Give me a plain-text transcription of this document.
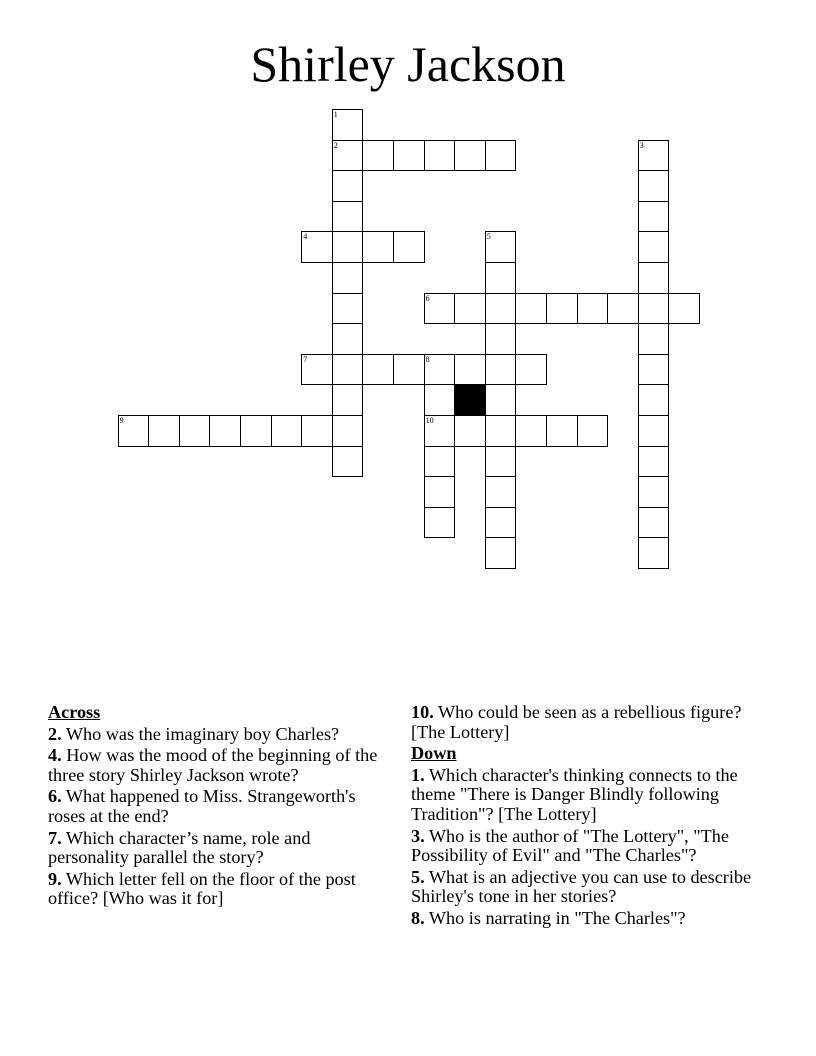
Shirley Jackson
1
2	3
4	5
6
7	8
9	10
Across
2. Who was the imaginary boy Charles?
4. How was the mood of the beginning of the three story Shirley Jackson wrote?
6. What happened to Miss. Strangeworth's roses at the end?
7. Which character’s name, role and personality parallel the story?
9. Which letter fell on the floor of the post office? [Who was it for]
10. Who could be seen as a rebellious figure?[The Lottery]
Down
1. Which character's thinking connects to the theme "There is Danger Blindly following Tradition"? [The Lottery]
3. Who is the author of "The Lottery", "The Possibility of Evil" and "The Charles"?
5. What is an adjective you can use to describe Shirley's tone in her stories?
8. Who is narrating in "The Charles"?
